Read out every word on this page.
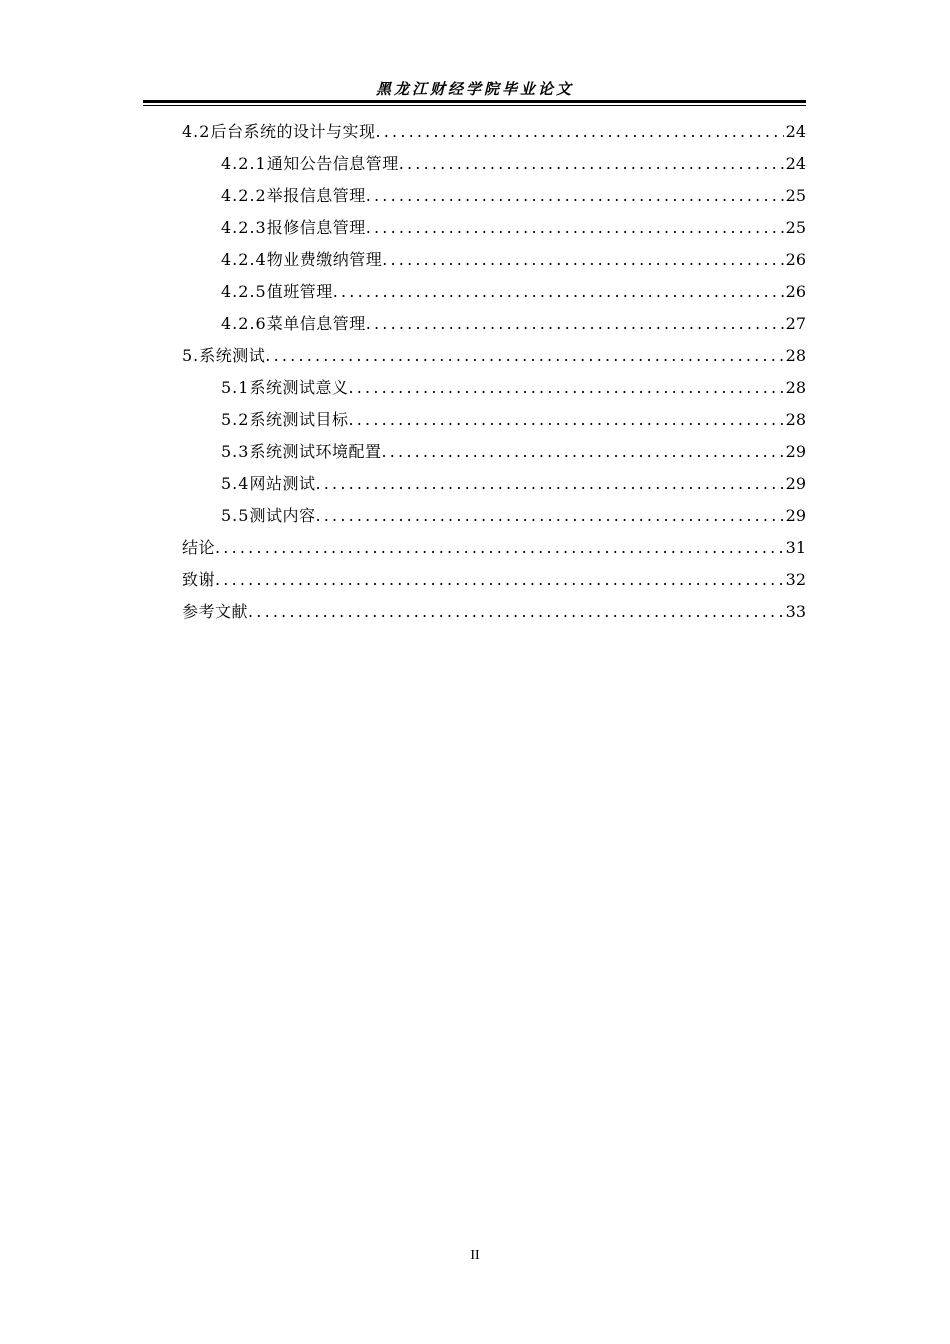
黑龙江财经学院毕业论文
4.2 后台系统的设计与实现 .....	24
4.2.1 通知公告信息管理 .....	24
4.2.2 举报信息管理 .....	25
4.2.3 报修信息管理 .....	25
4.2.4 物业费缴纳管理 .....	26
4.2.5 值班管理 .....	26
4.2.6 菜单信息管理 .....	27
5. 系统测试 .....	28
5.1 系统测试意义 .....	28
5.2 系统测试目标 .....	28
5.3 系统测试环境配置 .....	29
5.4 网站测试 .....	29
5.5 测试内容 .....	29
结论 .....	31
致谢 .....	32
参考文献 .....	33
II
